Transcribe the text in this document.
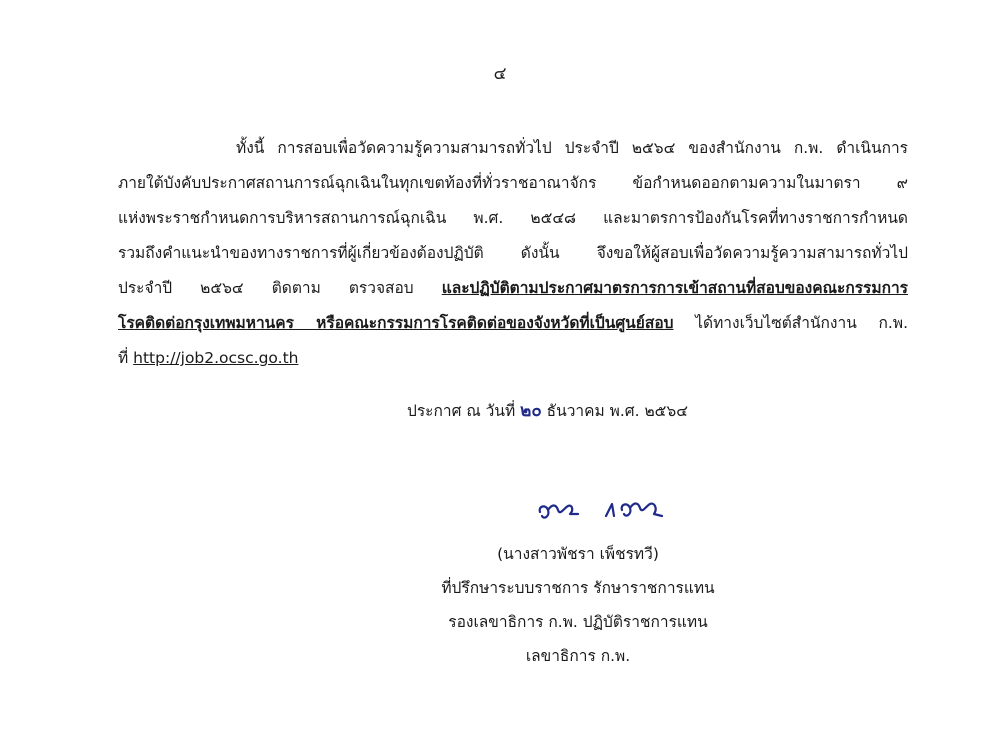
๔
ทั้งนี้ การสอบเพื่อวัดความรู้ความสามารถทั่วไป ประจำปี ๒๕๖๔ ของสำนักงาน ก.พ. ดำเนินการ
ภายใต้บังคับประกาศสถานการณ์ฉุกเฉินในทุกเขตท้องที่ทั่วราชอาณาจักร ข้อกำหนดออกตามความในมาตรา ๙
แห่งพระราชกำหนดการบริหารสถานการณ์ฉุกเฉิน พ.ศ. ๒๕๔๘ และมาตรการป้องกันโรคที่ทางราชการกำหนด
รวมถึงคำแนะนำของทางราชการที่ผู้เกี่ยวข้องต้องปฏิบัติ ดังนั้น จึงขอให้ผู้สอบเพื่อวัดความรู้ความสามารถทั่วไป
ประจำปี ๒๕๖๔ ติดตาม ตรวจสอบ และปฏิบัติตามประกาศมาตรการการเข้าสถานที่สอบของคณะกรรมการ
โรคติดต่อกรุงเทพมหานคร หรือคณะกรรมการโรคติดต่อของจังหวัดที่เป็นศูนย์สอบ ได้ทางเว็บไซต์สำนักงาน ก.พ.
ที่ http://job2.ocsc.go.th
ประกาศ ณ วันที่ ๒๐ ธันวาคม พ.ศ. ๒๕๖๔
(นางสาวพัชรา เพ็ชรทวี)
ที่ปรึกษาระบบราชการ รักษาราชการแทน
รองเลขาธิการ ก.พ. ปฏิบัติราชการแทน
เลขาธิการ ก.พ.
